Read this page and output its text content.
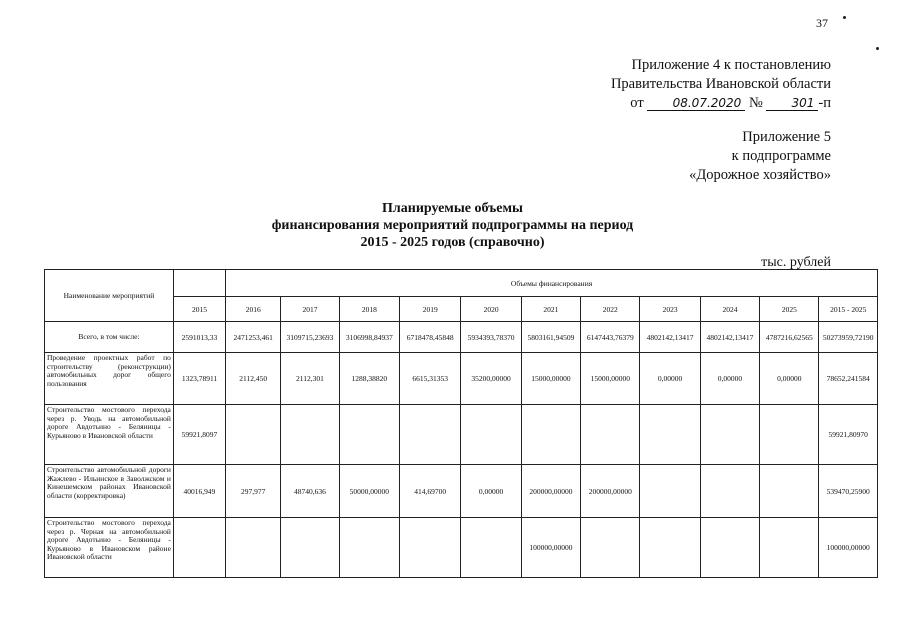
37
Приложение 4 к постановлению
Правительства Ивановской области
от 08.07.2020 № 301 -п
Приложение 5
к подпрограмме
«Дорожное хозяйство»
Планируемые объемы
финансирования мероприятий подпрограммы на период
2015 - 2025 годов (справочно)
тыс. рублей
Наименование мероприятий		Объемы финансирования										
	2015	2016	2017	2018	2019	2020	2021	2022	2023	2024	2025	2015 - 2025
Всего, в том числе:	2591013,33	2471253,461	3109715,23693	3106998,84937	6718478,45848	5934393,78370	5803161,94509	6147443,76379	4802142,13417	4802142,13417	4787216,62565	50273959,72190
Проведение проектных работ по строительству (реконструкции) автомобильных дорог общего пользования	1323,78911	2112,450	2112,301	1288,38820	6615,31353	35200,00000	15000,00000	15000,00000	0,00000	0,00000	0,00000	78652,241584
Строительство мостового перехода через р. Уводь на автомобильной дороге Авдотьино - Беляницы - Курьяново в Ивановской области	59921,8097											59921,80970
Строительство автомобильной дороги Жажлево - Ильинское в Заволжском и Кинешемском районах Ивановской области (корректировка)	40016,949	297,977	48740,636	50000,00000	414,69700	0,00000	200000,00000	200000,00000				539470,25900
Строительство мостового перехода через р. Черная на автомобильной дороге Авдотьино - Беляницы - Курьяново в Ивановском районе Ивановской области							100000,00000					100000,00000
